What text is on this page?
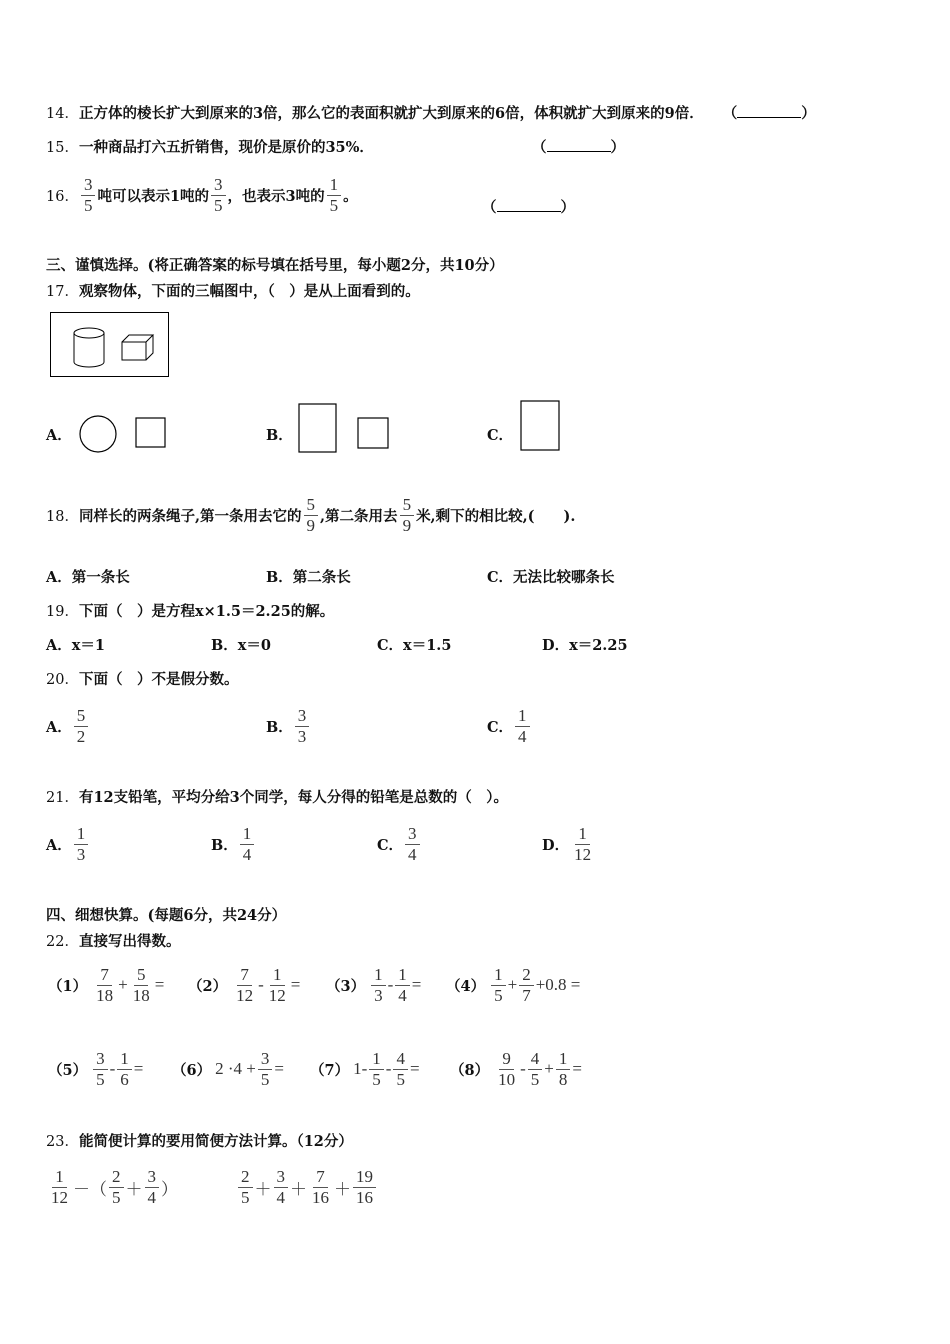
14．正方体的棱长扩大到原来的3倍，那么它的表面积就扩大到原来的6倍，体积就扩大到原来的9倍． （	）
15．一种商品打六五折销售，现价是原价的35%．	（	）
16． $\frac{3}{5}$ 吨可以表示1吨的 $\frac{3}{5}$ ，也表示3吨的 $\frac{1}{5}$ 。
（	）
三、谨慎选择。(将正确答案的标号填在括号里，每小题2分，共10分）
17．观察物体，下面的三幅图中，（　）是从上面看到的。
A．	B．	C．
18． 同样长的两条绳子,第一条用去它的 $\frac{5}{9}$ ,第二条用去 $\frac{5}{9}$ 米,剩下的相比较,(　　).
A．第一条长	B．第二条长	C．无法比较哪条长
19．下面（　）是方程x×1.5＝2.25的解。
A．x＝1	B．x＝0	C．x＝1.5	D．x＝2.25
20．下面（　）不是假分数。
A． $\frac{5}{2}$	B． $\frac{3}{3}$	C． $\frac{1}{4}$
21．有12支铅笔，平均分给3个同学，每人分得的铅笔是总数的（　）。
A． $\frac{1}{3}$	B． $\frac{1}{4}$	C． $\frac{3}{4}$	D． $\frac{1}{12}$
四、细想快算。(每题6分，共24分）
22．直接写出得数。
$(1) \frac{7}{18} + \frac{5}{18} = (2) \frac{7}{12} - \frac{1}{12} = (3) \frac{1}{3} - \frac{1}{4} = (4) \frac{1}{5} + \frac{2}{7} +0.8$ =
$(5) \frac{3}{5} - \frac{1}{6} = (6)$ $2 \cdot 4 + \frac{3}{5} = (7)$ $1- \frac{1}{5} - \frac{4}{5} = (8) \frac{9}{10} - \frac{4}{5} + \frac{1}{8}$ =
23．能简便计算的要用简便方法计算。（12分）
$\frac{1}{12}$ －（ $\frac{2}{5} + \frac{3}{4}$ ）	$\frac{2}{5} + \frac{3}{4} + \frac{7}{16} + \frac{19}{16}$
